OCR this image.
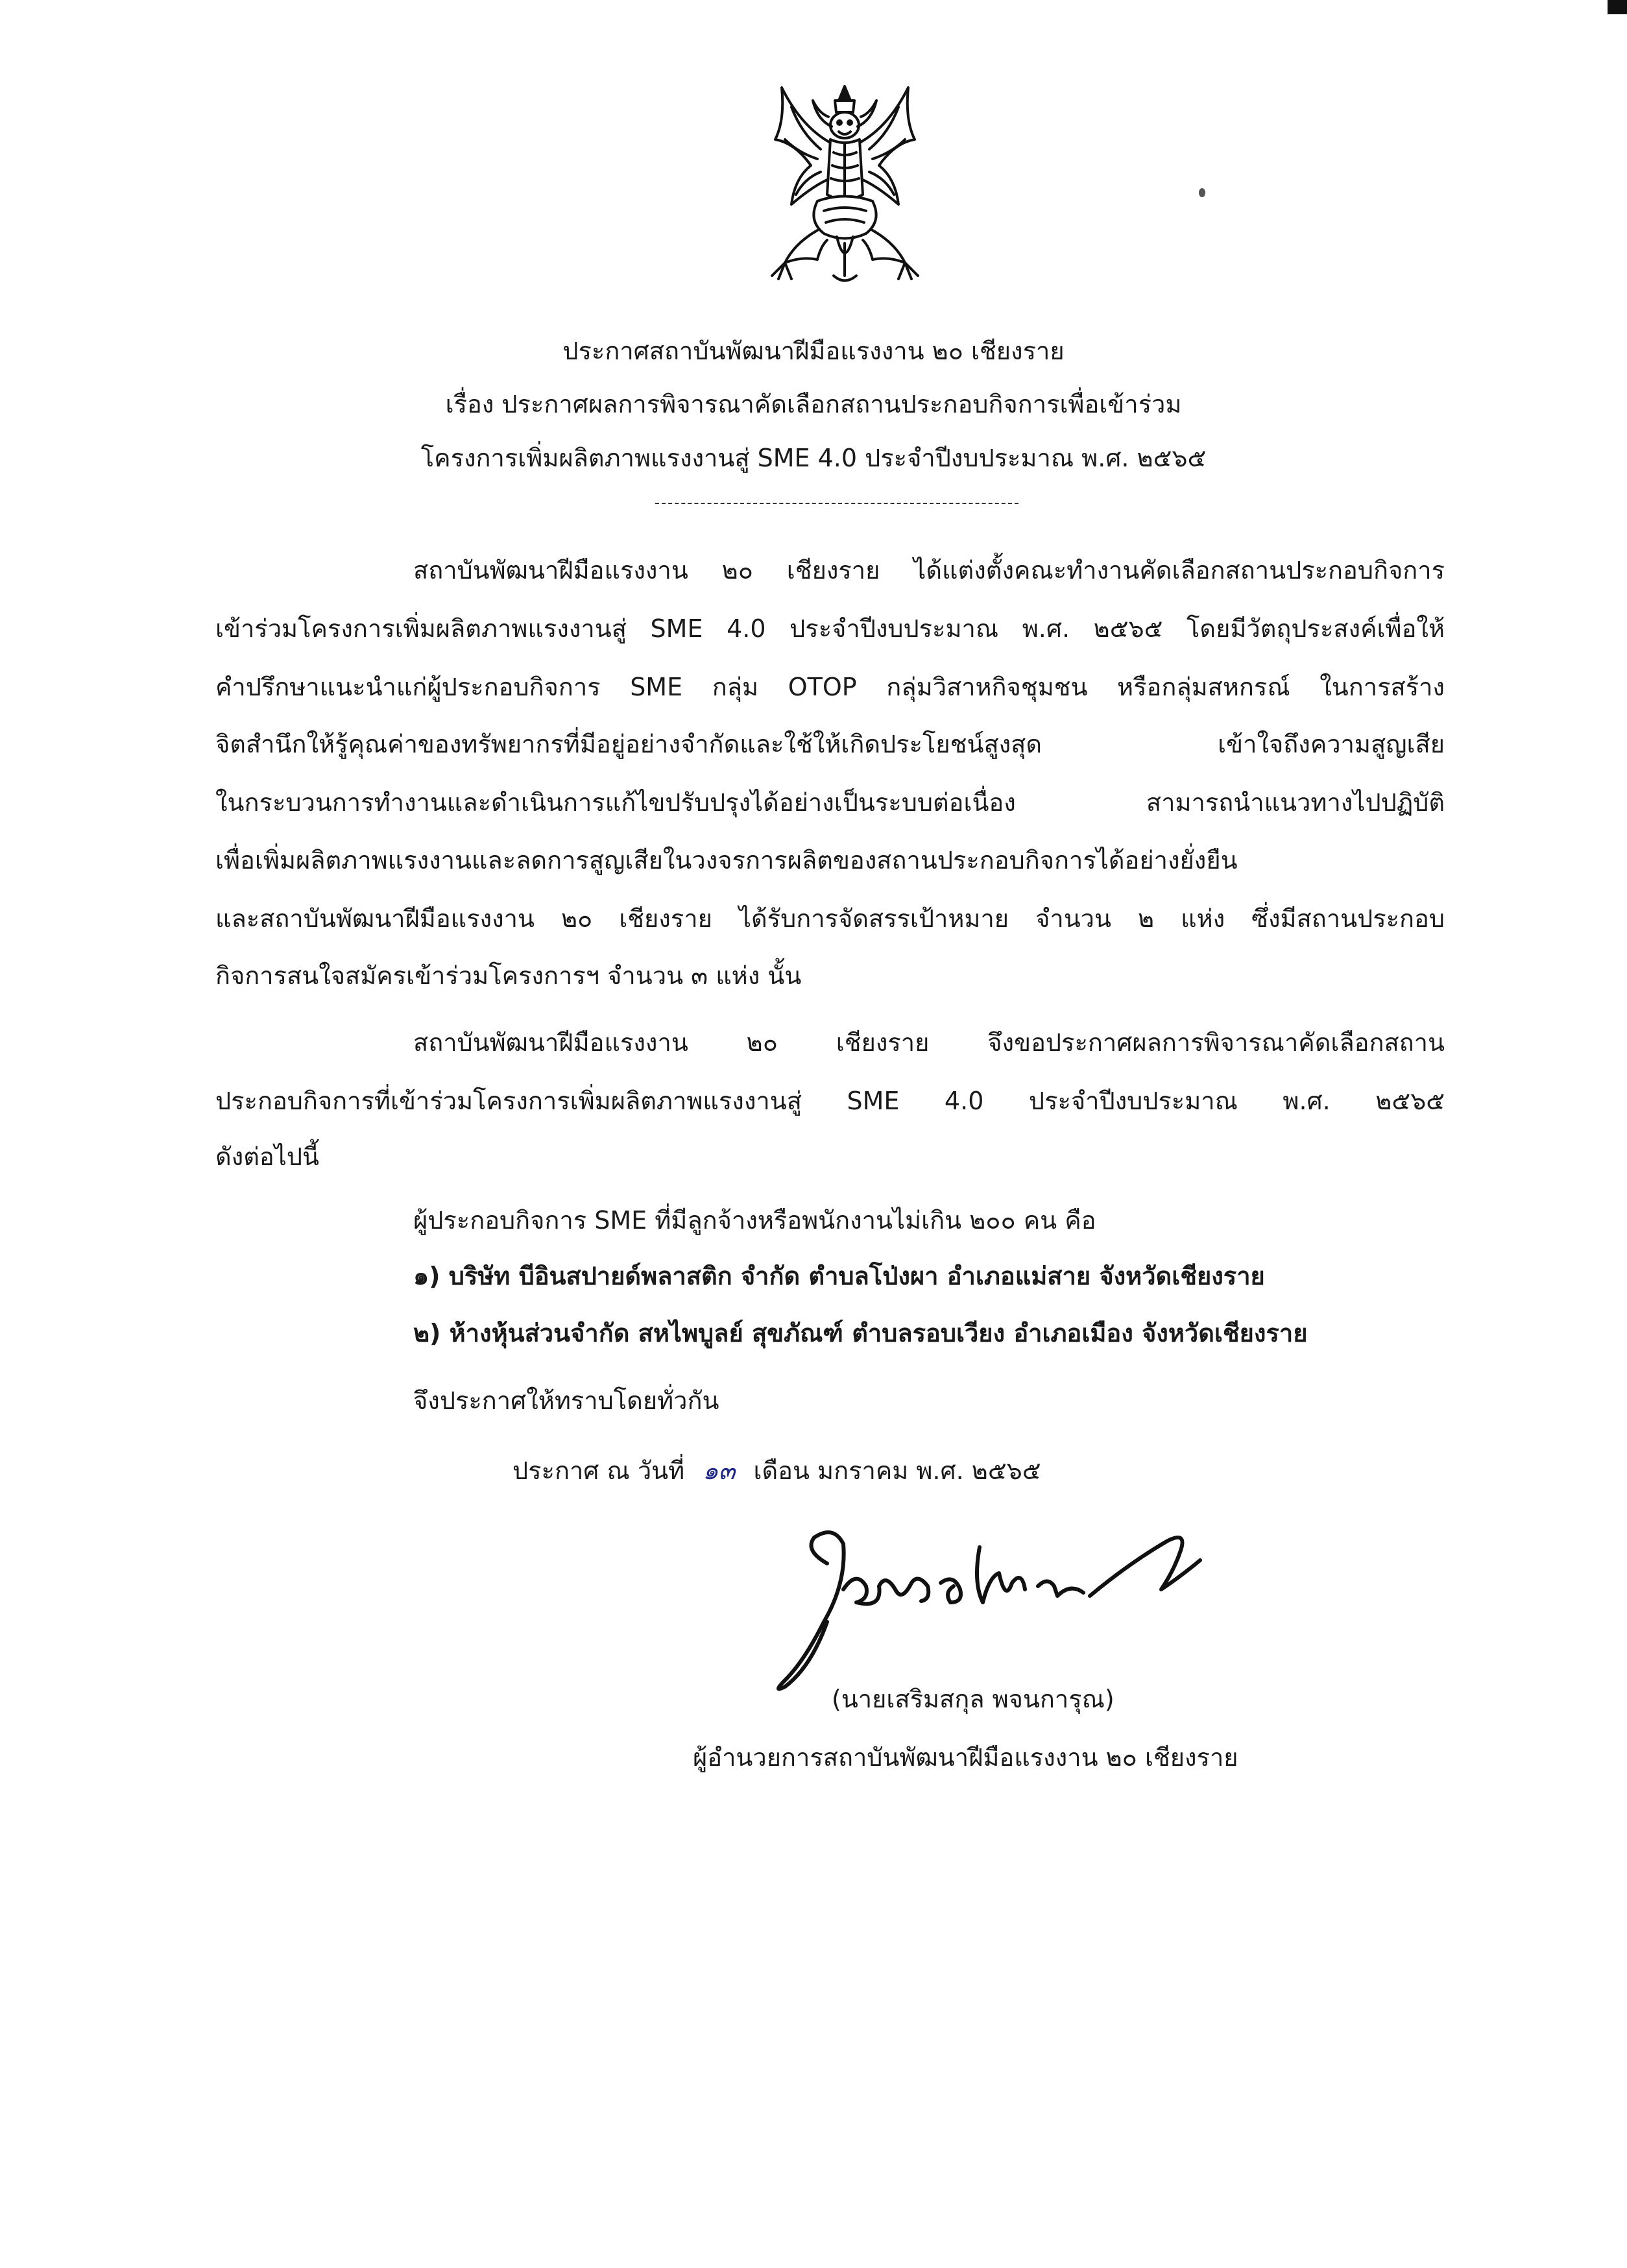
ประกาศสถาบันพัฒนาฝีมือแรงงาน ๒๐ เชียงราย
เรื่อง ประกาศผลการพิจารณาคัดเลือกสถานประกอบกิจการเพื่อเข้าร่วม
โครงการเพิ่มผลิตภาพแรงงานสู่ SME 4.0 ประจำปีงบประมาณ พ.ศ. ๒๕๖๕
สถาบันพัฒนาฝีมือแรงงาน ๒๐ เชียงราย ได้แต่งตั้งคณะทำงานคัดเลือกสถานประกอบกิจการ
เข้าร่วมโครงการเพิ่มผลิตภาพแรงงานสู่ SME 4.0 ประจำปีงบประมาณ พ.ศ. ๒๕๖๕ โดยมีวัตถุประสงค์เพื่อให้
คำปรึกษาแนะนำแก่ผู้ประกอบกิจการ SME กลุ่ม OTOP กลุ่มวิสาหกิจชุมชน หรือกลุ่มสหกรณ์ ในการสร้าง
จิตสำนึกให้รู้คุณค่าของทรัพยากรที่มีอยู่อย่างจำกัดและใช้ให้เกิดประโยชน์สูงสุด เข้าใจถึงความสูญเสีย
ในกระบวนการทำงานและดำเนินการแก้ไขปรับปรุงได้อย่างเป็นระบบต่อเนื่อง สามารถนำแนวทางไปปฏิบัติ
เพื่อเพิ่มผลิตภาพแรงงานและลดการสูญเสียในวงจรการผลิตของสถานประกอบกิจการได้อย่างยั่งยืน
และสถาบันพัฒนาฝีมือแรงงาน ๒๐ เชียงราย ได้รับการจัดสรรเป้าหมาย จำนวน ๒ แห่ง ซึ่งมีสถานประกอบ
กิจการสนใจสมัครเข้าร่วมโครงการฯ จำนวน ๓ แห่ง นั้น
สถาบันพัฒนาฝีมือแรงงาน ๒๐ เชียงราย จึงขอประกาศผลการพิจารณาคัดเลือกสถาน
ประกอบกิจการที่เข้าร่วมโครงการเพิ่มผลิตภาพแรงงานสู่ SME 4.0 ประจำปีงบประมาณ พ.ศ. ๒๕๖๕
ดังต่อไปนี้
ผู้ประกอบกิจการ SME ที่มีลูกจ้างหรือพนักงานไม่เกิน ๒๐๐ คน คือ
๑) บริษัท บีอินสปายด์พลาสติก จำกัด ตำบลโป่งผา อำเภอแม่สาย จังหวัดเชียงราย
๒) ห้างหุ้นส่วนจำกัด สหไพบูลย์ สุขภัณฑ์ ตำบลรอบเวียง อำเภอเมือง จังหวัดเชียงราย
จึงประกาศให้ทราบโดยทั่วกัน
ประกาศ ณ วันที่ ๑๓ เดือน มกราคม พ.ศ. ๒๕๖๕
(นายเสริมสกุล พจนการุณ)
ผู้อำนวยการสถาบันพัฒนาฝีมือแรงงาน ๒๐ เชียงราย
